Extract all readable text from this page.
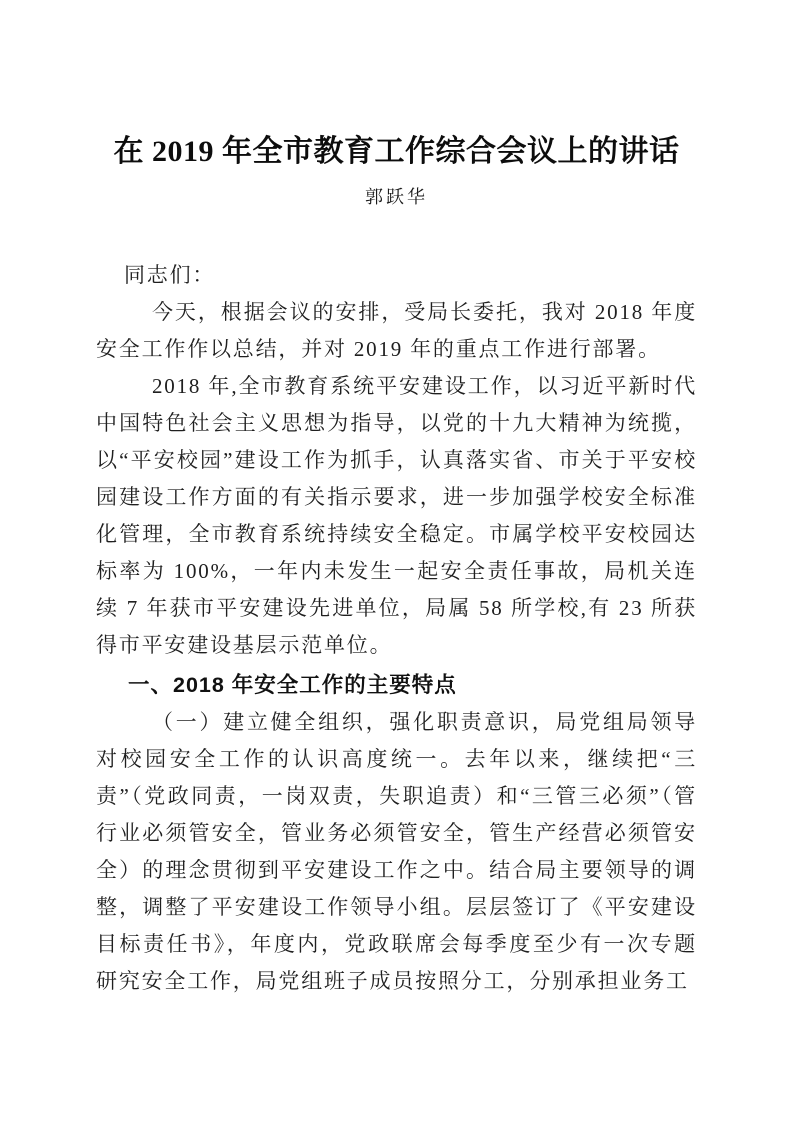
在 2019 年全市教育工作综合会议上的讲话
郭跃华

同志们：

今天，根据会议的安排，受局长委托，我对 2018 年度安全工作作以总结，并对 2019 年的重点工作进行部署。

2018 年,全市教育系统平安建设工作，以习近平新时代中国特色社会主义思想为指导，以党的十九大精神为统揽，以“平安校园”建设工作为抓手，认真落实省、市关于平安校园建设工作方面的有关指示要求，进一步加强学校安全标准化管理，全市教育系统持续安全稳定。市属学校平安校园达标率为 100%，一年内未发生一起安全责任事故，局机关连续 7 年获市平安建设先进单位，局属 58 所学校,有 23 所获得市平安建设基层示范单位。

一、2018 年安全工作的主要特点

（一）建立健全组织，强化职责意识，局党组局领导对校园安全工作的认识高度统一。去年以来，继续把“三责”（党政同责，一岗双责，失职追责）和“三管三必须”（管行业必须管安全，管业务必须管安全，管生产经营必须管安全）的理念贯彻到平安建设工作之中。结合局主要领导的调整，调整了平安建设工作领导小组。层层签订了《平安建设目标责任书》，年度内，党政联席会每季度至少有一次专题研究安全工作，局党组班子成员按照分工，分别承担业务工
